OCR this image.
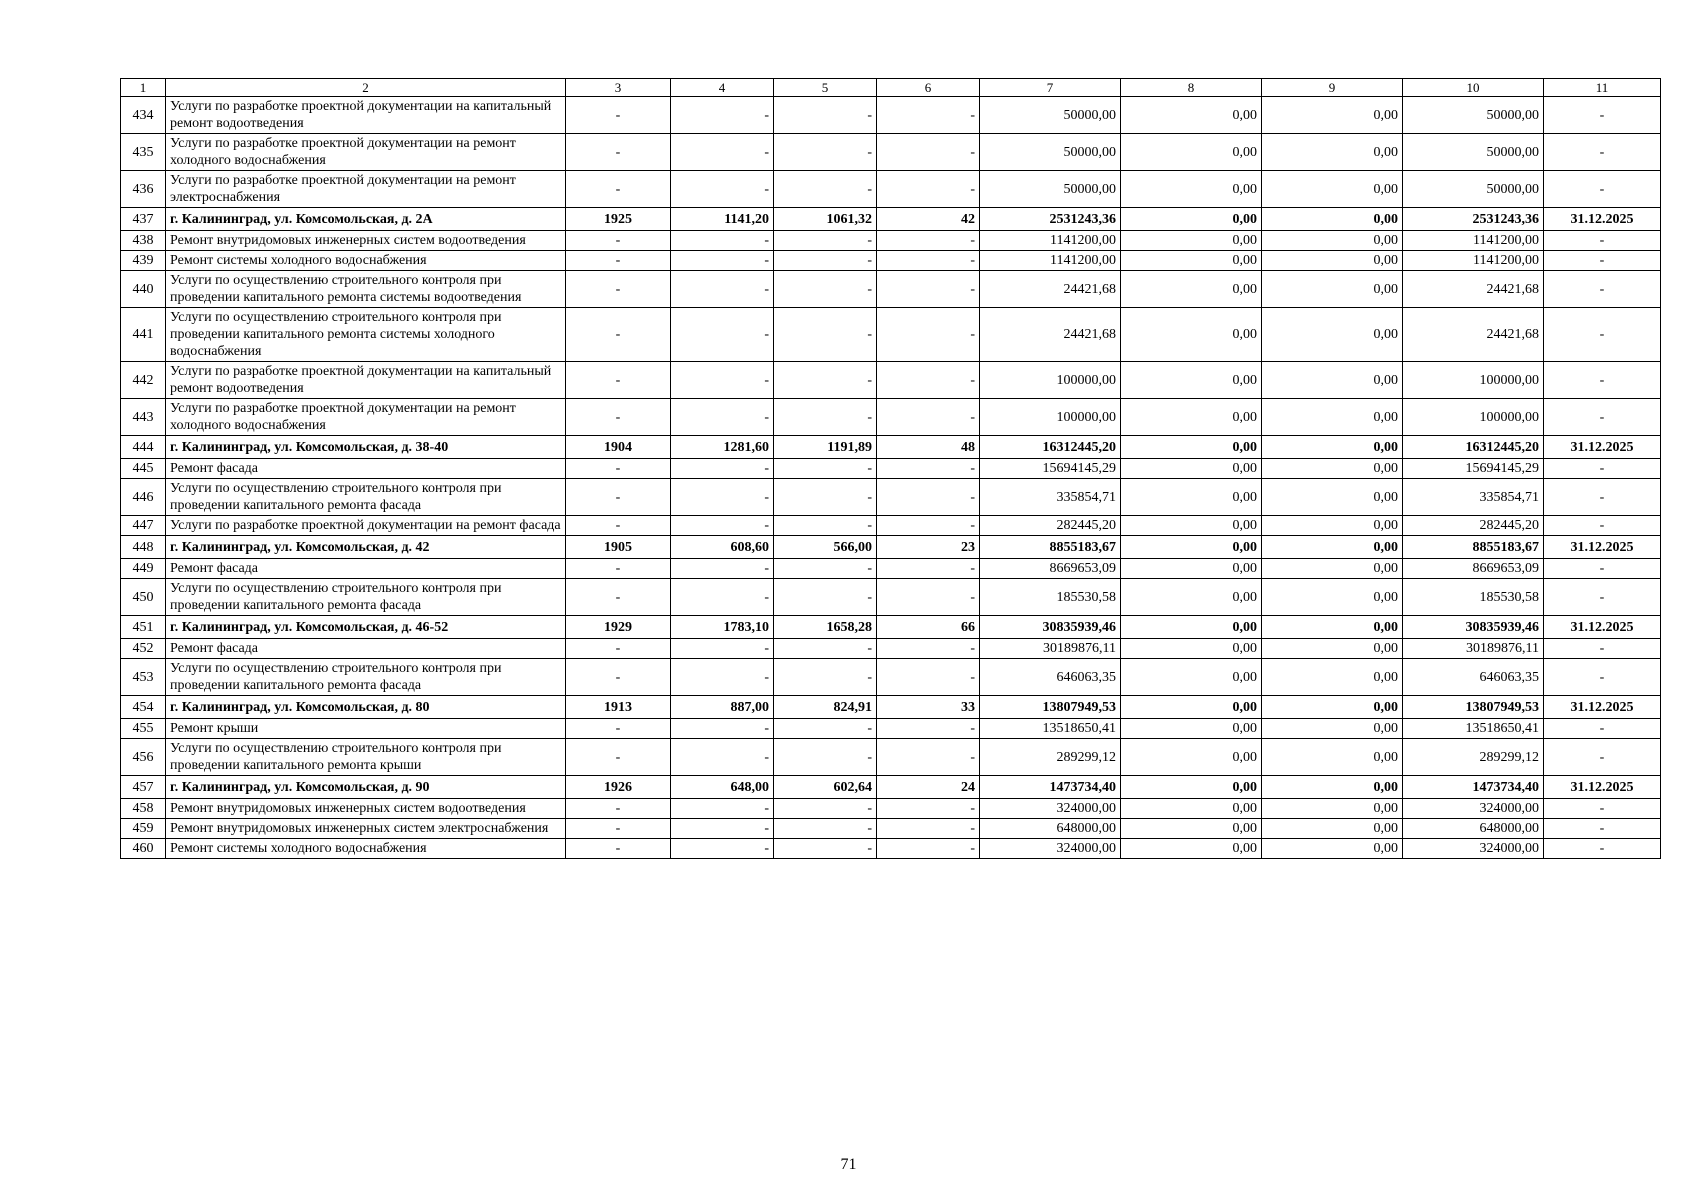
1	2	3	4	5	6	7	8	9	10	11
434	Услуги по разработке проектной документации на капитальный ремонт водоотведения	-	-	-	-	50000,00	0,00	0,00	50000,00	-
435	Услуги по разработке проектной документации на ремонт холодного водоснабжения	-	-	-	-	50000,00	0,00	0,00	50000,00	-
436	Услуги по разработке проектной документации на ремонт электроснабжения	-	-	-	-	50000,00	0,00	0,00	50000,00	-
437	г. Калининград, ул. Комсомольская, д. 2А	1925	1141,20	1061,32	42	2531243,36	0,00	0,00	2531243,36	31.12.2025
438	Ремонт внутридомовых инженерных систем водоотведения	-	-	-	-	1141200,00	0,00	0,00	1141200,00	-
439	Ремонт системы холодного водоснабжения	-	-	-	-	1141200,00	0,00	0,00	1141200,00	-
440	Услуги по осуществлению строительного контроля при проведении капитального ремонта системы водоотведения	-	-	-	-	24421,68	0,00	0,00	24421,68	-
441	Услуги по осуществлению строительного контроля при проведении капитального ремонта системы холодного водоснабжения	-	-	-	-	24421,68	0,00	0,00	24421,68	-
442	Услуги по разработке проектной документации на капитальный ремонт водоотведения	-	-	-	-	100000,00	0,00	0,00	100000,00	-
443	Услуги по разработке проектной документации на ремонт холодного водоснабжения	-	-	-	-	100000,00	0,00	0,00	100000,00	-
444	г. Калининград, ул. Комсомольская, д. 38-40	1904	1281,60	1191,89	48	16312445,20	0,00	0,00	16312445,20	31.12.2025
445	Ремонт фасада	-	-	-	-	15694145,29	0,00	0,00	15694145,29	-
446	Услуги по осуществлению строительного контроля при проведении капитального ремонта фасада	-	-	-	-	335854,71	0,00	0,00	335854,71	-
447	Услуги по разработке проектной документации на ремонт фасада	-	-	-	-	282445,20	0,00	0,00	282445,20	-
448	г. Калининград, ул. Комсомольская, д. 42	1905	608,60	566,00	23	8855183,67	0,00	0,00	8855183,67	31.12.2025
449	Ремонт фасада	-	-	-	-	8669653,09	0,00	0,00	8669653,09	-
450	Услуги по осуществлению строительного контроля при проведении капитального ремонта фасада	-	-	-	-	185530,58	0,00	0,00	185530,58	-
451	г. Калининград, ул. Комсомольская, д. 46-52	1929	1783,10	1658,28	66	30835939,46	0,00	0,00	30835939,46	31.12.2025
452	Ремонт фасада	-	-	-	-	30189876,11	0,00	0,00	30189876,11	-
453	Услуги по осуществлению строительного контроля при проведении капитального ремонта фасада	-	-	-	-	646063,35	0,00	0,00	646063,35	-
454	г. Калининград, ул. Комсомольская, д. 80	1913	887,00	824,91	33	13807949,53	0,00	0,00	13807949,53	31.12.2025
455	Ремонт крыши	-	-	-	-	13518650,41	0,00	0,00	13518650,41	-
456	Услуги по осуществлению строительного контроля при проведении капитального ремонта крыши	-	-	-	-	289299,12	0,00	0,00	289299,12	-
457	г. Калининград, ул. Комсомольская, д. 90	1926	648,00	602,64	24	1473734,40	0,00	0,00	1473734,40	31.12.2025
458	Ремонт внутридомовых инженерных систем водоотведения	-	-	-	-	324000,00	0,00	0,00	324000,00	-
459	Ремонт внутридомовых инженерных систем электроснабжения	-	-	-	-	648000,00	0,00	0,00	648000,00	-
460	Ремонт системы холодного водоснабжения	-	-	-	-	324000,00	0,00	0,00	324000,00	-
71
